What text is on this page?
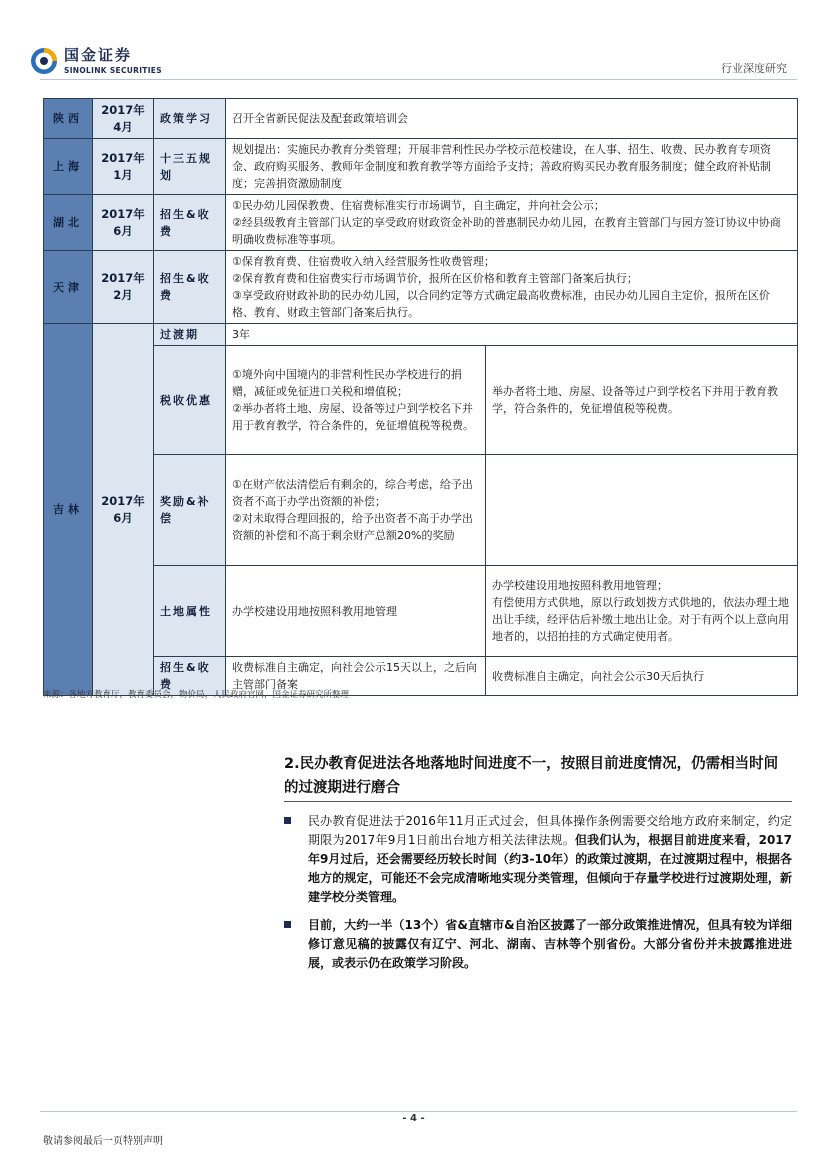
国金证券
SINOLINK SECURITIES	行业深度研究
陕西	2017年4月	政策学习	召开全省新民促法及配套政策培训会	
上海	2017年1月	十三五规划	规划提出：实施民办教育分类管理；开展非营利性民办学校示范校建设，在人事、招生、收费、民办教育专项资金、政府购买服务、教师年金制度和教育教学等方面给予支持；善政府购买民办教育服务制度；健全政府补贴制度；完善捐资激励制度	
湖北	2017年6月	招生&收费	①民办幼儿园保教费、住宿费标准实行市场调节，自主确定，并向社会公示；
②经县级教育主管部门认定的享受政府财政资金补助的普惠制民办幼儿园，在教育主管部门与园方签订协议中协商明确收费标准等事项。	

天津	2017年2月	招生&收费	①保育教育费、住宿费收入纳入经营服务性收费管理；
②保育教育费和住宿费实行市场调节价，报所在区价格和教育主管部门备案后执行；
③享受政府财政补助的民办幼儿园，以合同约定等方式确定最高收费标准，由民办幼儿园自主定价，报所在区价格、教育、财政主管部门备案后执行。	

吉林	2017年6月	过渡期	3年	
		税收优惠	①境外向中国境内的非营利性民办学校进行的捐赠，减征或免征进口关税和增值税；
②举办者将土地、房屋、设备等过户到学校名下并用于教育教学，符合条件的，免征增值税等税费。	举办者将土地、房屋、设备等过户到学校名下并用于教育教学，符合条件的，免征增值税等税费。
		奖励&补偿	①在财产依法清偿后有剩余的，综合考虑，给予出资者不高于办学出资额的补偿；
②对未取得合理回报的，给予出资者不高于办学出资额的补偿和不高于剩余财产总额20%的奖励	

		土地属性	办学校建设用地按照科教用地管理	办学校建设用地按照科教用地管理；
有偿使用方式供地，原以行政划拨方式供地的，依法办理土地出让手续，经评估后补缴土地出让金。对于有两个以上意向用地者的，以招拍挂的方式确定使用者。

		招生&收费	收费标准自主确定，向社会公示15天以上，之后向主管部门备案	收费标准自主确定，向社会公示30天后执行
来源：各地方教育厅，教育委员会，物价局，人民政府官网，国金证券研究所整理
2.民办教育促进法各地落地时间进度不一，按照目前进度情况，仍需相当时间的过渡期进行磨合
民办教育促进法于2016年11月正式过会，但具体操作条例需要交给地方政府来制定，约定期限为2017年9月1日前出台地方相关法律法规。但我们认为，根据目前进度来看，2017年9月过后，还会需要经历较长时间（约3-10年）的政策过渡期，在过渡期过程中，根据各地方的规定，可能还不会完成清晰地实现分类管理，但倾向于存量学校进行过渡期处理，新建学校分类管理。
目前，大约一半（13个）省&直辖市&自治区披露了一部分政策推进情况，但具有较为详细修订意见稿的披露仅有辽宁、河北、湖南、吉林等个别省份。大部分省份并未披露推进进展，或表示仍在政策学习阶段。
- 4 -
敬请参阅最后一页特别声明
